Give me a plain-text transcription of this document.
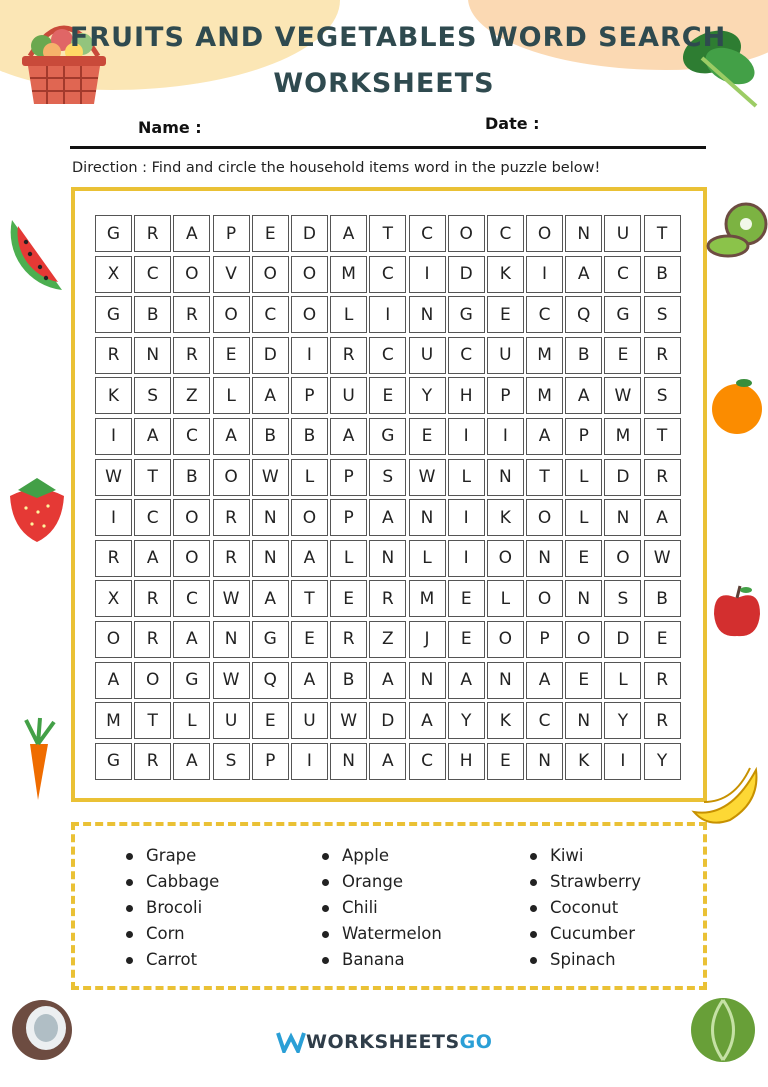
FRUITS AND VEGETABLES WORD SEARCH
WORKSHEETS
Name :	Date :
Direction : Find and circle the household items word in the puzzle below!
G	R	A	P	E	D	A	T	C	O	C	O	N	U	T
X	C	O	V	O	O	M	C	I	D	K	I	A	C	B
G	B	R	O	C	O	L	I	N	G	E	C	Q	G	S
R	N	R	E	D	I	R	C	U	C	U	M	B	E	R
K	S	Z	L	A	P	U	E	Y	H	P	M	A	W	S
I	A	C	A	B	B	A	G	E	I	I	A	P	M	T
W	T	B	O	W	L	P	S	W	L	N	T	L	D	R
I	C	O	R	N	O	P	A	N	I	K	O	L	N	A
R	A	O	R	N	A	L	N	L	I	O	N	E	O	W
X	R	C	W	A	T	E	R	M	E	L	O	N	S	B
O	R	A	N	G	E	R	Z	J	E	O	P	O	D	E
A	O	G	W	Q	A	B	A	N	A	N	A	E	L	R
M	T	L	U	E	U	W	D	A	Y	K	C	N	Y	R
G	R	A	S	P	I	N	A	C	H	E	N	K	I	Y
Grape
Cabbage
Brocoli
Corn
Carrot
Apple
Orange
Chili
Watermelon
Banana
Kiwi
Strawberry
Coconut
Cucumber
Spinach
WORKSHEETSGO
